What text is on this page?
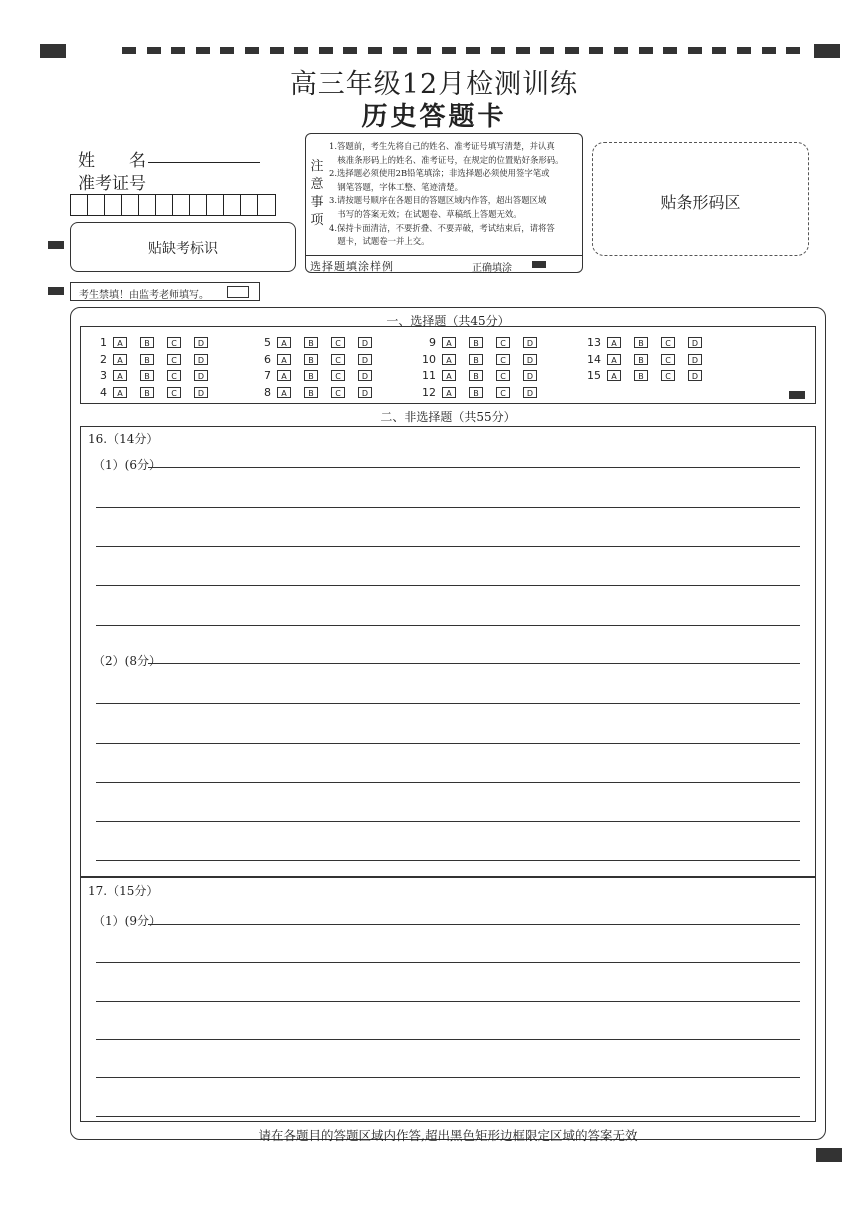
高三年级12月检测训练
历史答题卡
姓　　名
准考证号
贴缺考标识
注意事项
1.答题前，考生先将自己的姓名、准考证号填写清楚，并认真
　核准条形码上的姓名、准考证号，在规定的位置贴好条形码。
2.选择题必须使用2B铅笔填涂；非选择题必须使用签字笔或
　钢笔答题，字体工整、笔迹清楚。
3.请按题号顺序在各题目的答题区域内作答，超出答题区域
　书写的答案无效；在试题卷、草稿纸上答题无效。
4.保持卡面清洁，不要折叠、不要弄破，考试结束后，请将答
　题卡，试题卷一并上交。
选择题填涂样例	正确填涂
贴条形码区
考生禁填！由监考老师填写。
一、选择题（共45分）
1	A	B	C	D
2	A	B	C	D
3	A	B	C	D
4	A	B	C	D
5	A	B	C	D
6	A	B	C	D
7	A	B	C	D
8	A	B	C	D
9	A	B	C	D
10	A	B	C	D
11	A	B	C	D
12	A	B	C	D
13	A	B	C	D
14	A	B	C	D
15	A	B	C	D
二、非选择题（共55分）
16.（14分）
（1）(6分）
（2）(8分）
17.（15分）
（1）(9分）
请在各题目的答题区域内作答,超出黑色矩形边框限定区域的答案无效
